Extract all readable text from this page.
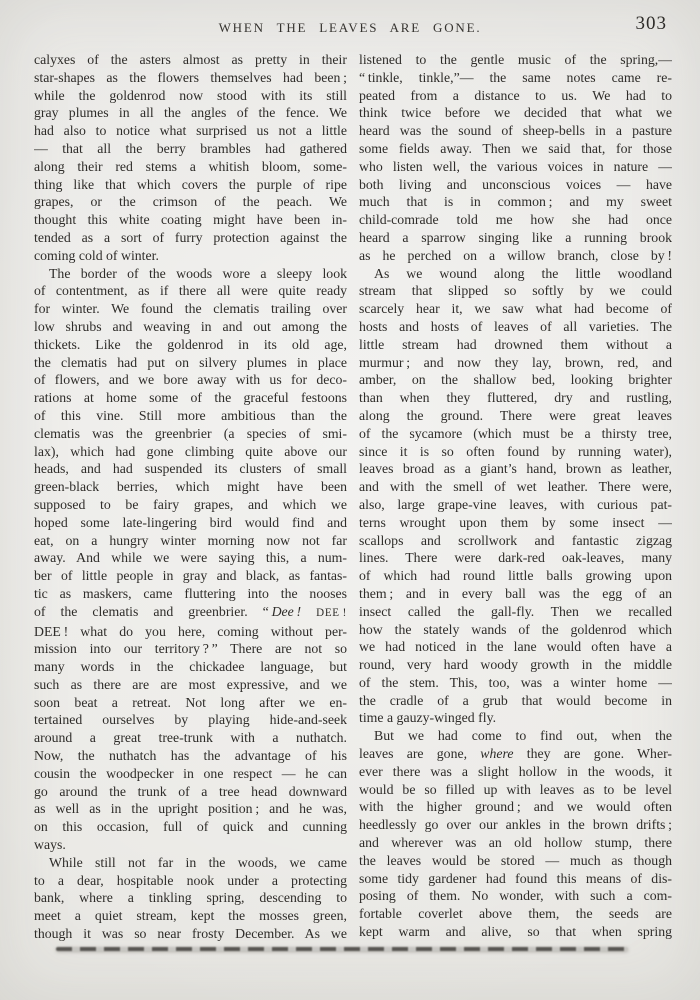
WHEN THE LEAVES ARE GONE.	303
calyxes of the asters almost as pretty in their
star-shapes as the flowers themselves had been ;
while the goldenrod now stood with its still
gray plumes in all the angles of the fence. We
had also to notice what surprised us not a little
— that all the berry brambles had gathered
along their red stems a whitish bloom, some-
thing like that which covers the purple of ripe
grapes, or the crimson of the peach. We
thought this white coating might have been in-
tended as a sort of furry protection against the
coming cold of winter.
The border of the woods wore a sleepy look
of contentment, as if there all were quite ready
for winter. We found the clematis trailing over
low shrubs and weaving in and out among the
thickets. Like the goldenrod in its old age,
the clematis had put on silvery plumes in place
of flowers, and we bore away with us for deco-
rations at home some of the graceful festoons
of this vine. Still more ambitious than the
clematis was the greenbrier (a species of smi-
lax), which had gone climbing quite above our
heads, and had suspended its clusters of small
green-black berries, which might have been
supposed to be fairy grapes, and which we
hoped some late-lingering bird would find and
eat, on a hungry winter morning now not far
away. And while we were saying this, a num-
ber of little people in gray and black, as fantas-
tic as maskers, came fluttering into the nooses
of the clematis and greenbrier. “ Dee ! DEE !
DEE ! what do you here, coming without per-
mission into our territory ? ” There are not so
many words in the chickadee language, but
such as there are are most expressive, and we
soon beat a retreat. Not long after we en-
tertained ourselves by playing hide-and-seek
around a great tree-trunk with a nuthatch.
Now, the nuthatch has the advantage of his
cousin the woodpecker in one respect — he can
go around the trunk of a tree head downward
as well as in the upright position ; and he was,
on this occasion, full of quick and cunning
ways.
While still not far in the woods, we came
to a dear, hospitable nook under a protecting
bank, where a tinkling spring, descending to
meet a quiet stream, kept the mosses green,
though it was so near frosty December. As we
listened to the gentle music of the spring,—
“ tinkle, tinkle,”— the same notes came re-
peated from a distance to us. We had to
think twice before we decided that what we
heard was the sound of sheep-bells in a pasture
some fields away. Then we said that, for those
who listen well, the various voices in nature —
both living and unconscious voices — have
much that is in common ; and my sweet
child-comrade told me how she had once
heard a sparrow singing like a running brook
as he perched on a willow branch, close by !
As we wound along the little woodland
stream that slipped so softly by we could
scarcely hear it, we saw what had become of
hosts and hosts of leaves of all varieties. The
little stream had drowned them without a
murmur ; and now they lay, brown, red, and
amber, on the shallow bed, looking brighter
than when they fluttered, dry and rustling,
along the ground. There were great leaves
of the sycamore (which must be a thirsty tree,
since it is so often found by running water),
leaves broad as a giant’s hand, brown as leather,
and with the smell of wet leather. There were,
also, large grape-vine leaves, with curious pat-
terns wrought upon them by some insect —
scallops and scrollwork and fantastic zigzag
lines. There were dark-red oak-leaves, many
of which had round little balls growing upon
them ; and in every ball was the egg of an
insect called the gall-fly. Then we recalled
how the stately wands of the goldenrod which
we had noticed in the lane would often have a
round, very hard woody growth in the middle
of the stem. This, too, was a winter home —
the cradle of a grub that would become in
time a gauzy-winged fly.
But we had come to find out, when the
leaves are gone, where they are gone. Wher-
ever there was a slight hollow in the woods, it
would be so filled up with leaves as to be level
with the higher ground ; and we would often
heedlessly go over our ankles in the brown drifts ;
and wherever was an old hollow stump, there
the leaves would be stored — much as though
some tidy gardener had found this means of dis-
posing of them. No wonder, with such a com-
fortable coverlet above them, the seeds are
kept warm and alive, so that when spring
